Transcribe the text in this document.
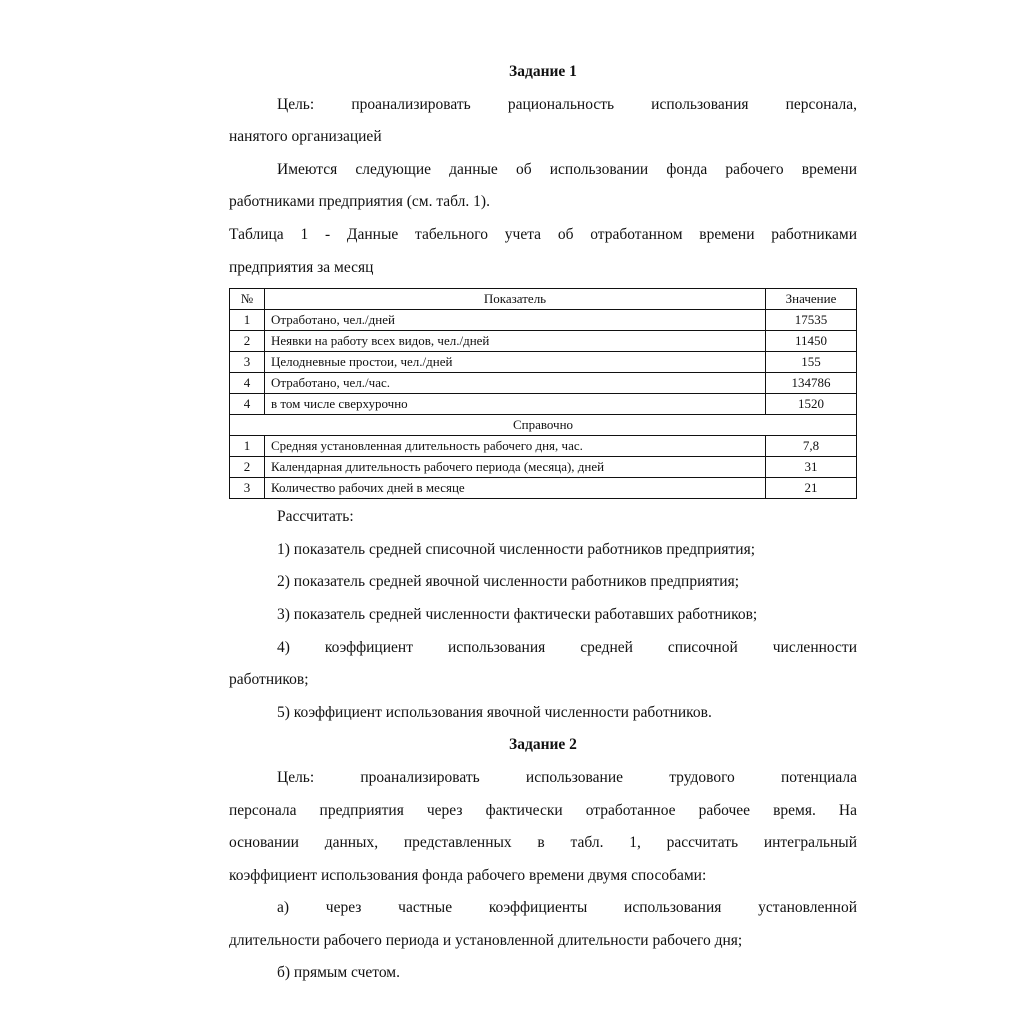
Задание 1

Цель: проанализировать рациональность использования персонала,

нанятого организацией

Имеются следующие данные об использовании фонда рабочего времени

работниками предприятия (см. табл. 1).

Таблица 1 - Данные табельного учета об отработанном времени работниками

предприятия за месяц

№	Показатель	Значение
1	Отработано, чел./дней	17535
2	Неявки на работу всех видов, чел./дней	11450
3	Целодневные простои, чел./дней	155
4	Отработано, чел./час.	134786
4	в том числе сверхурочно	1520
Справочно		
1	Средняя установленная длительность рабочего дня, час.	7,8
2	Календарная длительность рабочего периода (месяца), дней	31
3	Количество рабочих дней в месяце	21

Рассчитать:

1) показатель средней списочной численности работников предприятия;

2) показатель средней явочной численности работников предприятия;

3) показатель средней численности фактически работавших работников;

4) коэффициент использования средней списочной численности

работников;

5) коэффициент использования явочной численности работников.

Задание 2

Цель: проанализировать использование трудового потенциала

персонала предприятия через фактически отработанное рабочее время. На

основании данных, представленных в табл. 1, рассчитать интегральный

коэффициент использования фонда рабочего времени двумя способами:

а) через частные коэффициенты использования установленной

длительности рабочего периода и установленной длительности рабочего дня;

б) прямым счетом.
